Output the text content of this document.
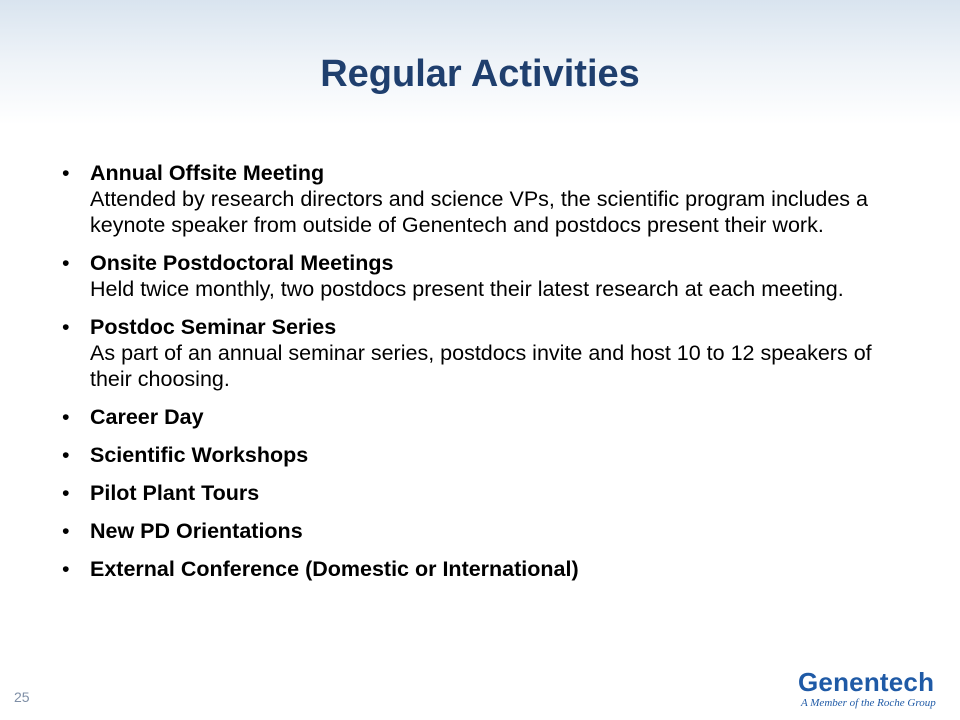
Regular Activities
• Annual Offsite Meeting
Attended by research directors and science VPs, the scientific program includes a keynote speaker from outside of Genentech and postdocs present their work.
• Onsite Postdoctoral Meetings
Held twice monthly, two postdocs present their latest research at each meeting.
• Postdoc Seminar Series
As part of an annual seminar series, postdocs invite and host 10 to 12 speakers of their choosing.
• Career Day
• Scientific Workshops
• Pilot Plant Tours
• New PD Orientations
• External Conference (Domestic or International)
25	Genentech
A Member of the Roche Group
